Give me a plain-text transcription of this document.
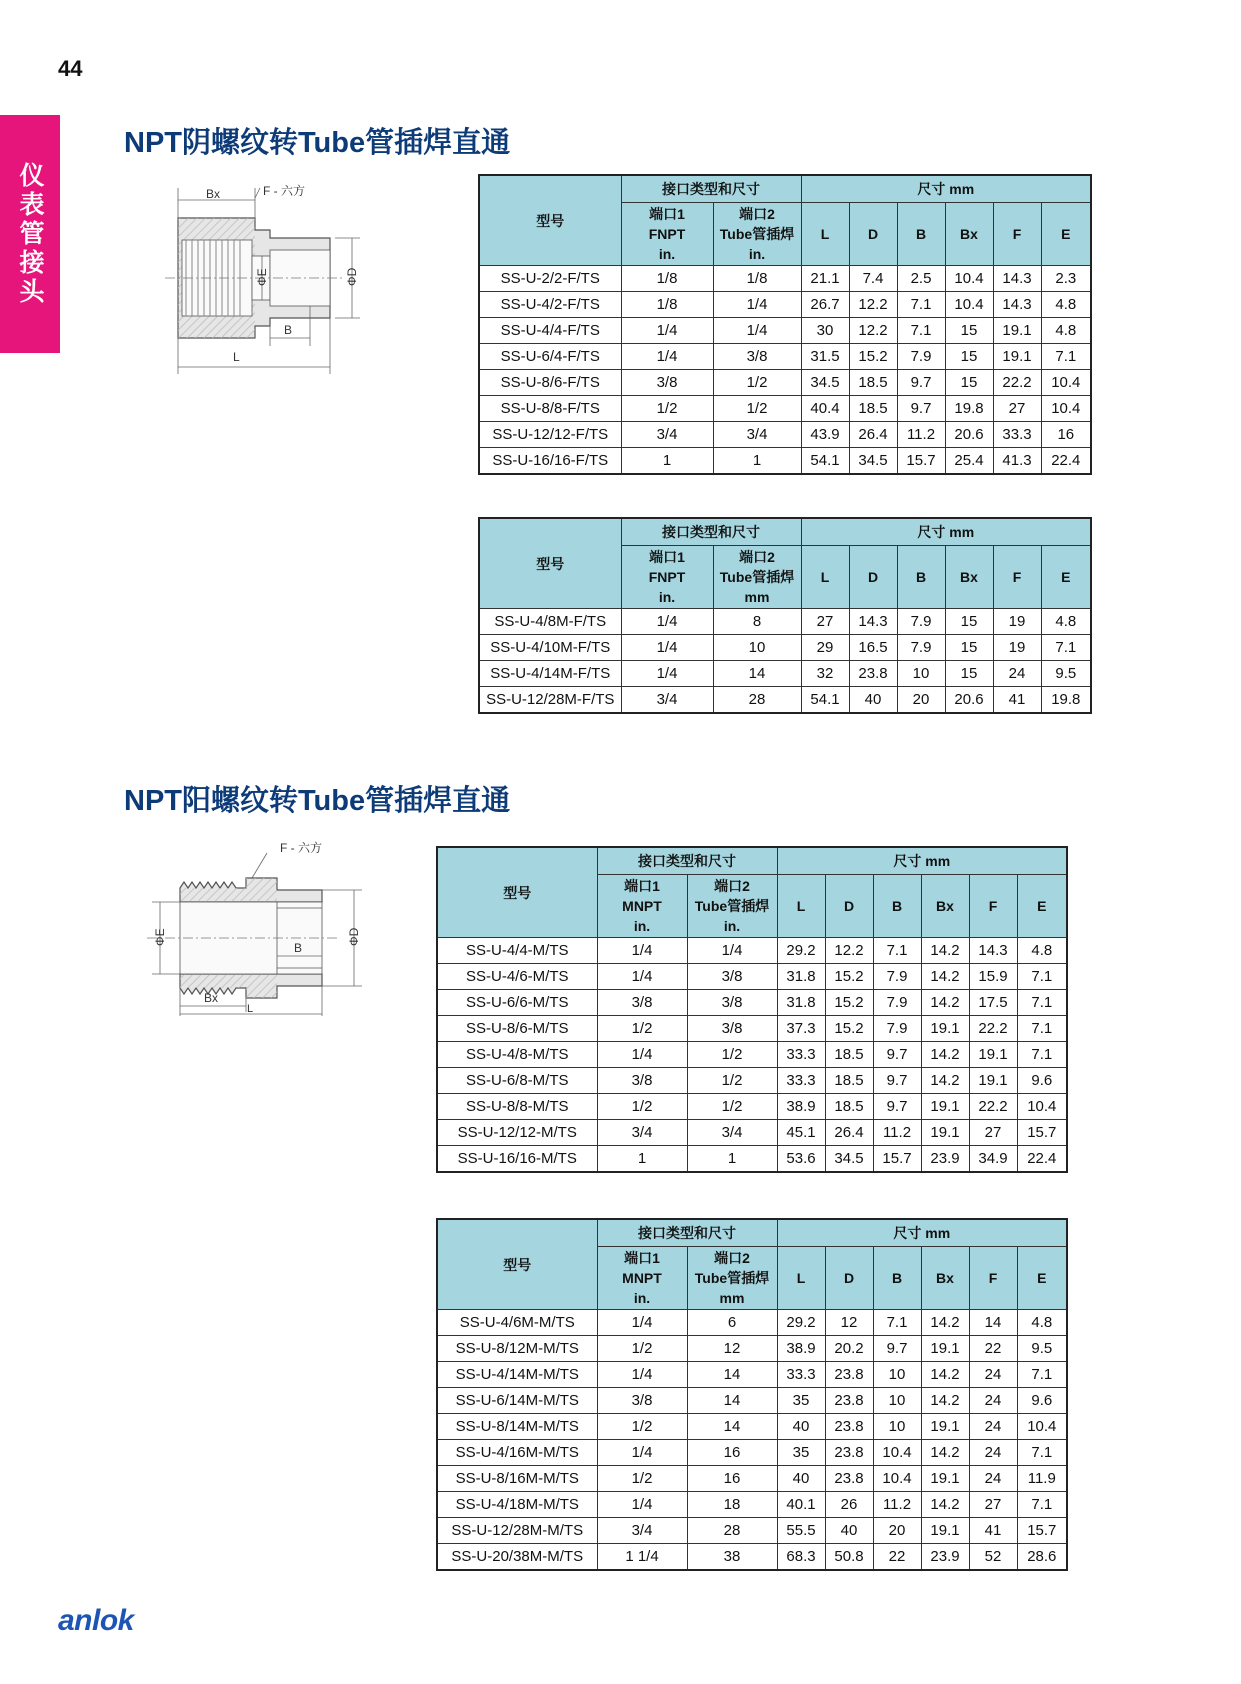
44
仪表管接头
NPT阴螺纹转Tube管插焊直通
Bx	F - 六方
ΦE	ΦD
B
L
型号	接口类型和尺寸		尺寸 mm					
	端口1
FNPT
in.	端口2
Tube管插焊
in.	L	D	B	Bx	F	E
SS-U-2/2-F/TS	1/8	1/8	21.1	7.4	2.5	10.4	14.3	2.3
SS-U-4/2-F/TS	1/8	1/4	26.7	12.2	7.1	10.4	14.3	4.8
SS-U-4/4-F/TS	1/4	1/4	30	12.2	7.1	15	19.1	4.8
SS-U-6/4-F/TS	1/4	3/8	31.5	15.2	7.9	15	19.1	7.1
SS-U-8/6-F/TS	3/8	1/2	34.5	18.5	9.7	15	22.2	10.4
SS-U-8/8-F/TS	1/2	1/2	40.4	18.5	9.7	19.8	27	10.4
SS-U-12/12-F/TS	3/4	3/4	43.9	26.4	11.2	20.6	33.3	16
SS-U-16/16-F/TS	1	1	54.1	34.5	15.7	25.4	41.3	22.4
型号	接口类型和尺寸		尺寸 mm					
	端口1
FNPT
in.	端口2
Tube管插焊
mm	L	D	B	Bx	F	E
SS-U-4/8M-F/TS	1/4	8	27	14.3	7.9	15	19	4.8
SS-U-4/10M-F/TS	1/4	10	29	16.5	7.9	15	19	7.1
SS-U-4/14M-F/TS	1/4	14	32	23.8	10	15	24	9.5
SS-U-12/28M-F/TS	3/4	28	54.1	40	20	20.6	41	19.8
NPT阳螺纹转Tube管插焊直通
F - 六方
ΦE	ΦD
B
Bx
L
型号	接口类型和尺寸		尺寸 mm					
	端口1
MNPT
in.	端口2
Tube管插焊
in.	L	D	B	Bx	F	E
SS-U-4/4-M/TS	1/4	1/4	29.2	12.2	7.1	14.2	14.3	4.8
SS-U-4/6-M/TS	1/4	3/8	31.8	15.2	7.9	14.2	15.9	7.1
SS-U-6/6-M/TS	3/8	3/8	31.8	15.2	7.9	14.2	17.5	7.1
SS-U-8/6-M/TS	1/2	3/8	37.3	15.2	7.9	19.1	22.2	7.1
SS-U-4/8-M/TS	1/4	1/2	33.3	18.5	9.7	14.2	19.1	7.1
SS-U-6/8-M/TS	3/8	1/2	33.3	18.5	9.7	14.2	19.1	9.6
SS-U-8/8-M/TS	1/2	1/2	38.9	18.5	9.7	19.1	22.2	10.4
SS-U-12/12-M/TS	3/4	3/4	45.1	26.4	11.2	19.1	27	15.7
SS-U-16/16-M/TS	1	1	53.6	34.5	15.7	23.9	34.9	22.4
型号	接口类型和尺寸		尺寸 mm					
	端口1
MNPT
in.	端口2
Tube管插焊
mm	L	D	B	Bx	F	E
SS-U-4/6M-M/TS	1/4	6	29.2	12	7.1	14.2	14	4.8
SS-U-8/12M-M/TS	1/2	12	38.9	20.2	9.7	19.1	22	9.5
SS-U-4/14M-M/TS	1/4	14	33.3	23.8	10	14.2	24	7.1
SS-U-6/14M-M/TS	3/8	14	35	23.8	10	14.2	24	9.6
SS-U-8/14M-M/TS	1/2	14	40	23.8	10	19.1	24	10.4
SS-U-4/16M-M/TS	1/4	16	35	23.8	10.4	14.2	24	7.1
SS-U-8/16M-M/TS	1/2	16	40	23.8	10.4	19.1	24	11.9
SS-U-4/18M-M/TS	1/4	18	40.1	26	11.2	14.2	27	7.1
SS-U-12/28M-M/TS	3/4	28	55.5	40	20	19.1	41	15.7
SS-U-20/38M-M/TS	1 1/4	38	68.3	50.8	22	23.9	52	28.6
anlok
